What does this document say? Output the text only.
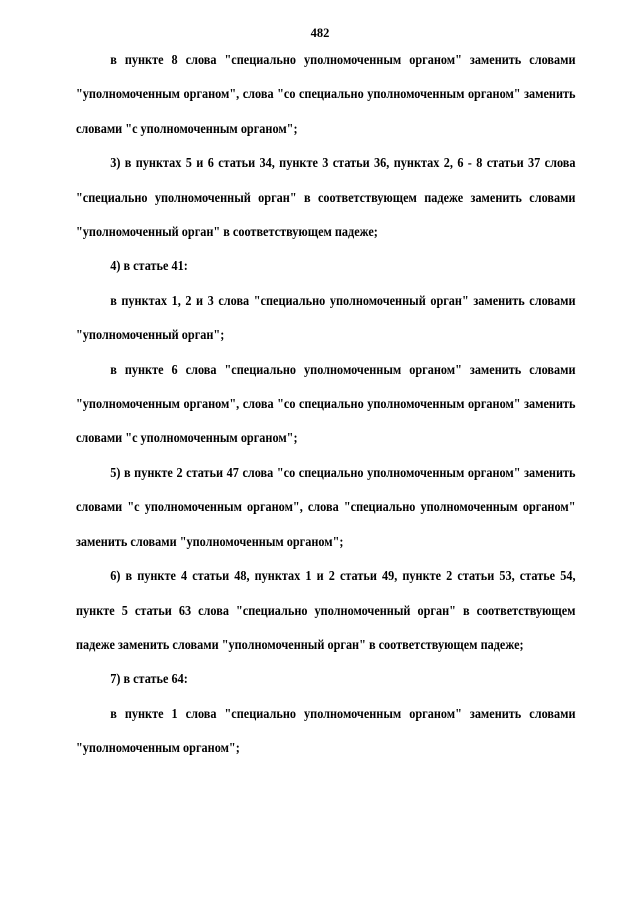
482

в пункте 8 слова "специально уполномоченным органом" заменить словами "уполномоченным органом", слова "со специально уполномоченным органом" заменить словами "с уполномоченным органом";

3) в пунктах 5 и 6 статьи 34, пункте 3 статьи 36, пунктах 2, 6 - 8 статьи 37 слова "специально уполномоченный орган" в соответствующем падеже заменить словами "уполномоченный орган" в соответствующем падеже;

4) в статье 41:

в пунктах 1, 2 и 3 слова "специально уполномоченный орган" заменить словами "уполномоченный орган";

в пункте 6 слова "специально уполномоченным органом" заменить словами "уполномоченным органом", слова "со специально уполномоченным органом" заменить словами "с уполномоченным органом";

5) в пункте 2 статьи 47 слова "со специально уполномоченным органом" заменить словами "с уполномоченным органом", слова "специально уполномоченным органом" заменить словами "уполномоченным органом";

6) в пункте 4 статьи 48, пунктах 1 и 2 статьи 49, пункте 2 статьи 53, статье 54, пункте 5 статьи 63 слова "специально уполномоченный орган" в соответствующем падеже заменить словами "уполномоченный орган" в соответствующем падеже;

7) в статье 64:

в пункте 1 слова "специально уполномоченным органом" заменить словами "уполномоченным органом";
